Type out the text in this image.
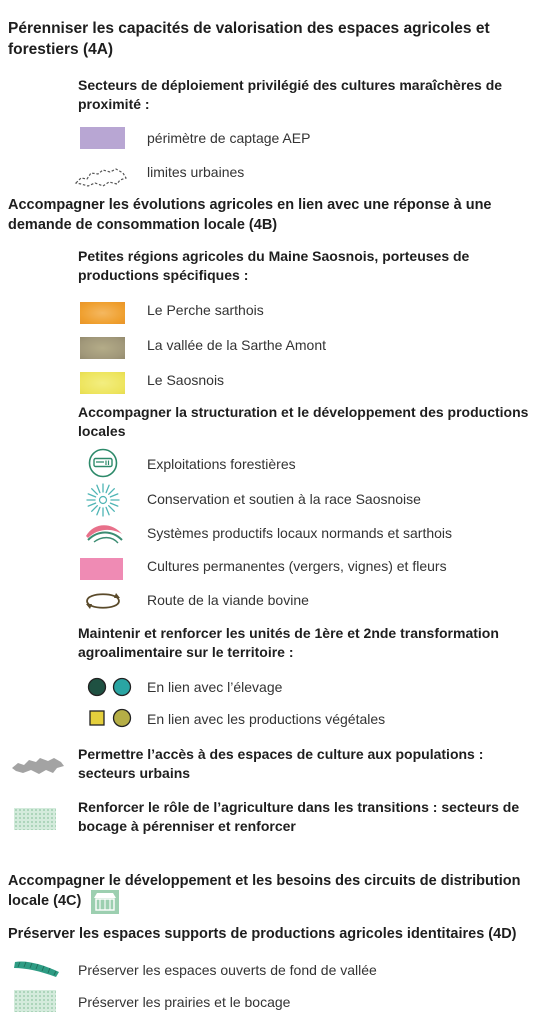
Pérenniser les capacités de valorisation des espaces agricoles et forestiers (4A)
Secteurs de déploiement privilégié des cultures maraîchères de proximité :
périmètre de captage AEP
limites urbaines
Accompagner les évolutions agricoles en lien avec une réponse à une demande de consommation locale (4B)
Petites régions agricoles du Maine Saosnois, porteuses de productions spécifiques :
Le Perche sarthois
La vallée de la Sarthe Amont
Le Saosnois
Accompagner la structuration et le développement des productions locales
Exploitations forestières
Conservation et soutien à la race Saosnoise
Systèmes productifs locaux normands et sarthois
Cultures permanentes (vergers, vignes) et fleurs
Route de la viande bovine
Maintenir et renforcer les unités de 1ère et 2nde transformation agroalimentaire sur le territoire :
En lien avec l’élevage
En lien avec les productions végétales
Permettre l’accès à des espaces de culture aux populations : secteurs urbains
Renforcer le rôle de l’agriculture dans les transitions : secteurs de bocage à pérenniser et renforcer
Accompagner le développement et les besoins des circuits de distribution locale (4C)
Préserver les espaces supports de productions agricoles identitaires (4D)
Préserver les espaces ouverts de fond de vallée
Préserver les prairies et le bocage
